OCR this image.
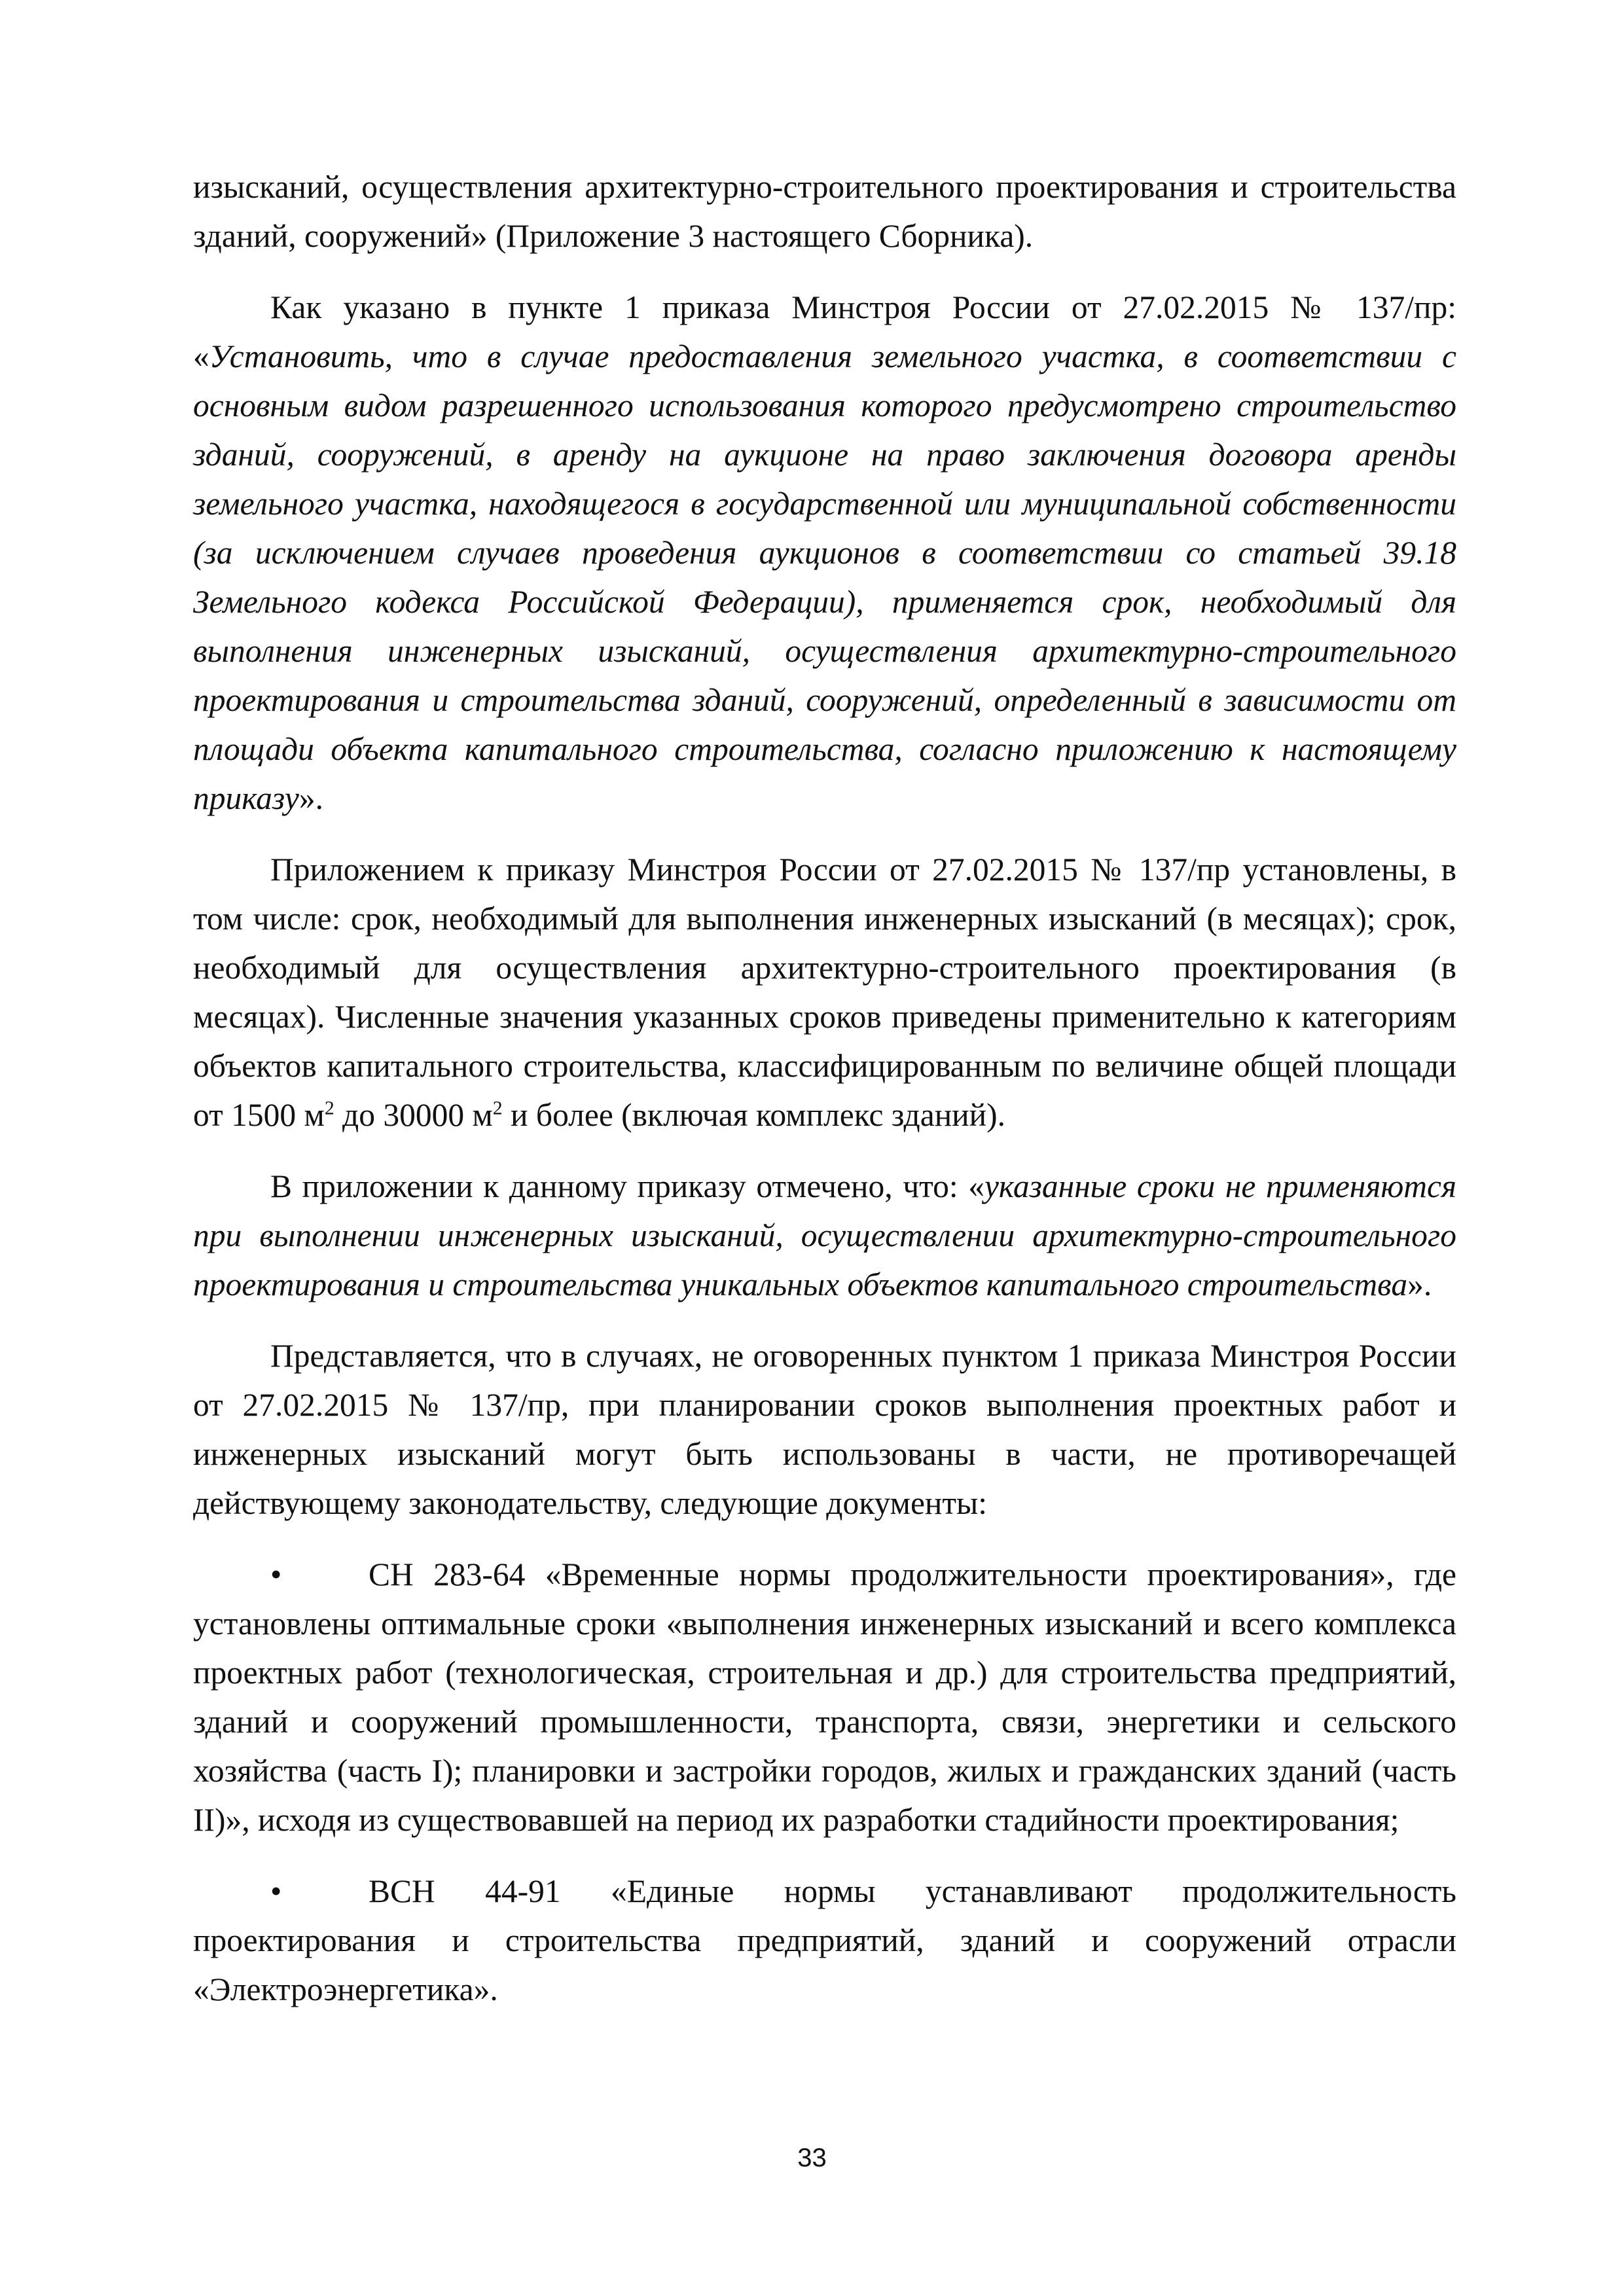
изысканий, осуществления архитектурно-строительного проектирования и строительства зданий, сооружений» (Приложение 3 настоящего Сборника).

Как указано в пункте 1 приказа Минстроя России от 27.02.2015 № 137/пр: «Установить, что в случае предоставления земельного участка, в соответствии с основным видом разрешенного использования которого предусмотрено строительство зданий, сооружений, в аренду на аукционе на право заключения договора аренды земельного участка, находящегося в государственной или муниципальной собственности (за исключением случаев проведения аукционов в соответствии со статьей 39.18 Земельного кодекса Российской Федерации), применяется срок, необходимый для выполнения инженерных изысканий, осуществления архитектурно-строительного проектирования и строительства зданий, сооружений, определенный в зависимости от площади объекта капитального строительства, согласно приложению к настоящему приказу».

Приложением к приказу Минстроя России от 27.02.2015 № 137/пр установлены, в том числе: срок, необходимый для выполнения инженерных изысканий (в месяцах); срок, необходимый для осуществления архитектурно-строительного проектирования (в месяцах). Численные значения указанных сроков приведены применительно к категориям объектов капитального строительства, классифицированным по величине общей площади от 1500 $м^2$ до 30000 $м^2$ и более (включая комплекс зданий).

В приложении к данному приказу отмечено, что: «указанные сроки не применяются при выполнении инженерных изысканий, осуществлении архитектурно-строительного проектирования и строительства уникальных объектов капитального строительства».

Представляется, что в случаях, не оговоренных пунктом 1 приказа Минстроя России от 27.02.2015 № 137/пр, при планировании сроков выполнения проектных работ и инженерных изысканий могут быть использованы в части, не противоречащей действующему законодательству, следующие документы:

•	СН 283-64 «Временные нормы продолжительности проектирования», где установлены оптимальные сроки «выполнения инженерных изысканий и всего комплекса проектных работ (технологическая, строительная и др.) для строительства предприятий, зданий и сооружений промышленности, транспорта, связи, энергетики и сельского хозяйства (часть I); планировки и застройки городов, жилых и гражданских зданий (часть II)», исходя из существовавшей на период их разработки стадийности проектирования;

•	ВСН 44-91 «Единые нормы устанавливают продолжительность проектирования и строительства предприятий, зданий и сооружений отрасли «Электроэнергетика».

33
